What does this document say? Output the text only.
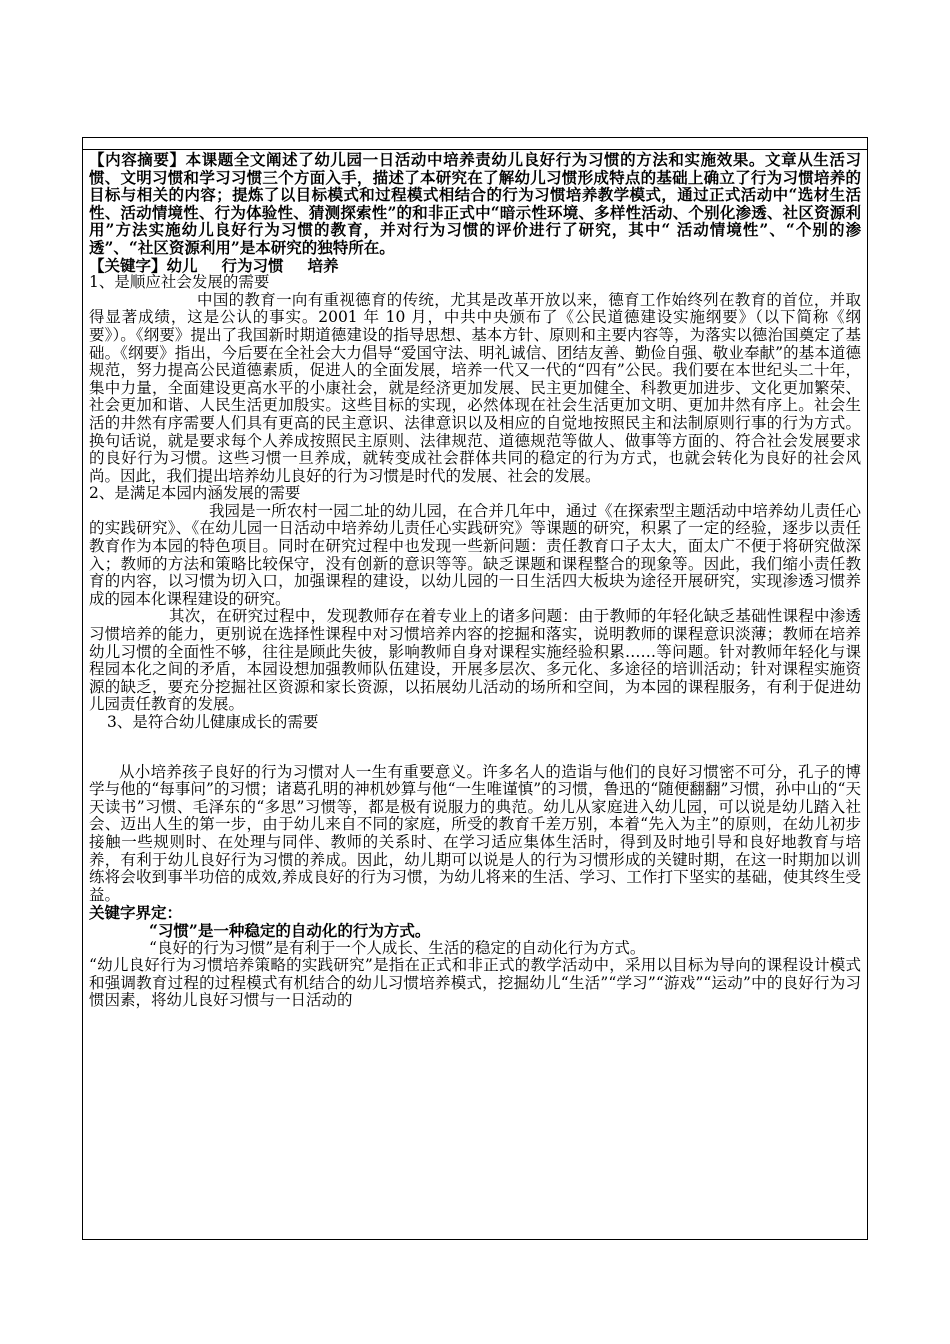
【内容摘要】本课题全文阐述了幼儿园一日活动中培养责幼儿良好行为习惯的方法和实施效果。文章从生活习惯、文明习惯和学习习惯三个方面入手，描述了本研究在了解幼儿习惯形成特点的基础上确立了行为习惯培养的目标与相关的内容；提炼了以目标模式和过程模式相结合的行为习惯培养教学模式，通过正式活动中“选材生活性、活动情境性、行为体验性、猜测探索性”的和非正式中“暗示性环境、多样性活动、个别化渗透、社区资源利用”方法实施幼儿良好行为习惯的教育，并对行为习惯的评价进行了研究，其中“ 活动情境性”、“个别的渗透”、“社区资源利用”是本研究的独特所在。

【关键字】幼儿 行为习惯 培养

1、是顺应社会发展的需要

中国的教育一向有重视德育的传统，尤其是改革开放以来，德育工作始终列在教育的首位，并取得显著成绩，这是公认的事实。2001 年 10 月，中共中央颁布了《公民道德建设实施纲要》（以下简称《纲要》）。《纲要》提出了我国新时期道德建设的指导思想、基本方针、原则和主要内容等，为落实以德治国奠定了基础。《纲要》指出，今后要在全社会大力倡导“爱国守法、明礼诚信、团结友善、勤俭自强、敬业奉献”的基本道德规范，努力提高公民道德素质，促进人的全面发展，培养一代又一代的“四有”公民。我们要在本世纪头二十年，集中力量，全面建设更高水平的小康社会，就是经济更加发展、民主更加健全、科教更加进步、文化更加繁荣、社会更加和谐、人民生活更加殷实。这些目标的实现，必然体现在社会生活更加文明、更加井然有序上。社会生活的井然有序需要人们具有更高的民主意识、法律意识以及相应的自觉地按照民主和法制原则行事的行为方式。换句话说，就是要求每个人养成按照民主原则、法律规范、道德规范等做人、做事等方面的、符合社会发展要求的良好行为习惯。这些习惯一旦养成，就转变成社会群体共同的稳定的行为方式，也就会转化为良好的社会风尚。因此，我们提出培养幼儿良好的行为习惯是时代的发展、社会的发展。

2、是满足本园内涵发展的需要

我园是一所农村一园二址的幼儿园，在合并几年中，通过《在探索型主题活动中培养幼儿责任心的实践研究》、《在幼儿园一日活动中培养幼儿责任心实践研究》等课题的研究，积累了一定的经验，逐步以责任教育作为本园的特色项目。同时在研究过程中也发现一些新问题：责任教育口子太大，面太广不便于将研究做深入；教师的方法和策略比较保守，没有创新的意识等等。缺乏课题和课程整合的现象等。因此，我们缩小责任教育的内容，以习惯为切入口，加强课程的建设，以幼儿园的一日生活四大板块为途径开展研究，实现渗透习惯养成的园本化课程建设的研究。

其次，在研究过程中，发现教师存在着专业上的诸多问题：由于教师的年轻化缺乏基础性课程中渗透习惯培养的能力，更别说在选择性课程中对习惯培养内容的挖掘和落实，说明教师的课程意识淡薄；教师在培养幼儿习惯的全面性不够，往往是顾此失彼，影响教师自身对课程实施经验积累……等问题。针对教师年轻化与课程园本化之间的矛盾，本园设想加强教师队伍建设，开展多层次、多元化、多途径的培训活动；针对课程实施资源的缺乏，要充分挖掘社区资源和家长资源，以拓展幼儿活动的场所和空间，为本园的课程服务，有利于促进幼儿园责任教育的发展。

3、是符合幼儿健康成长的需要

从小培养孩子良好的行为习惯对人一生有重要意义。许多名人的造诣与他们的良好习惯密不可分，孔子的博学与他的“每事问”的习惯；诸葛孔明的神机妙算与他“一生唯谨慎”的习惯，鲁迅的“随便翻翻”习惯，孙中山的“天天读书”习惯、毛泽东的“多思”习惯等，都是极有说服力的典范。幼儿从家庭进入幼儿园，可以说是幼儿踏入社会、迈出人生的第一步，由于幼儿来自不同的家庭，所受的教育千差万别，本着“先入为主”的原则，在幼儿初步接触一些规则时、在处理与同伴、教师的关系时、在学习适应集体生活时，得到及时地引导和良好地教育与培养，有利于幼儿良好行为习惯的养成。因此，幼儿期可以说是人的行为习惯形成的关键时期，在这一时期加以训练将会收到事半功倍的成效,养成良好的行为习惯，为幼儿将来的生活、学习、工作打下坚实的基础，使其终生受益。

关键字界定：

“习惯”是一种稳定的自动化的行为方式。

“良好的行为习惯”是有利于一个人成长、生活的稳定的自动化行为方式。

“幼儿良好行为习惯培养策略的实践研究”是指在正式和非正式的教学活动中，采用以目标为导向的课程设计模式和强调教育过程的过程模式有机结合的幼儿习惯培养模式，挖掘幼儿“生活”“学习”“游戏”“运动”中的良好行为习惯因素，将幼儿良好习惯与一日活动的
